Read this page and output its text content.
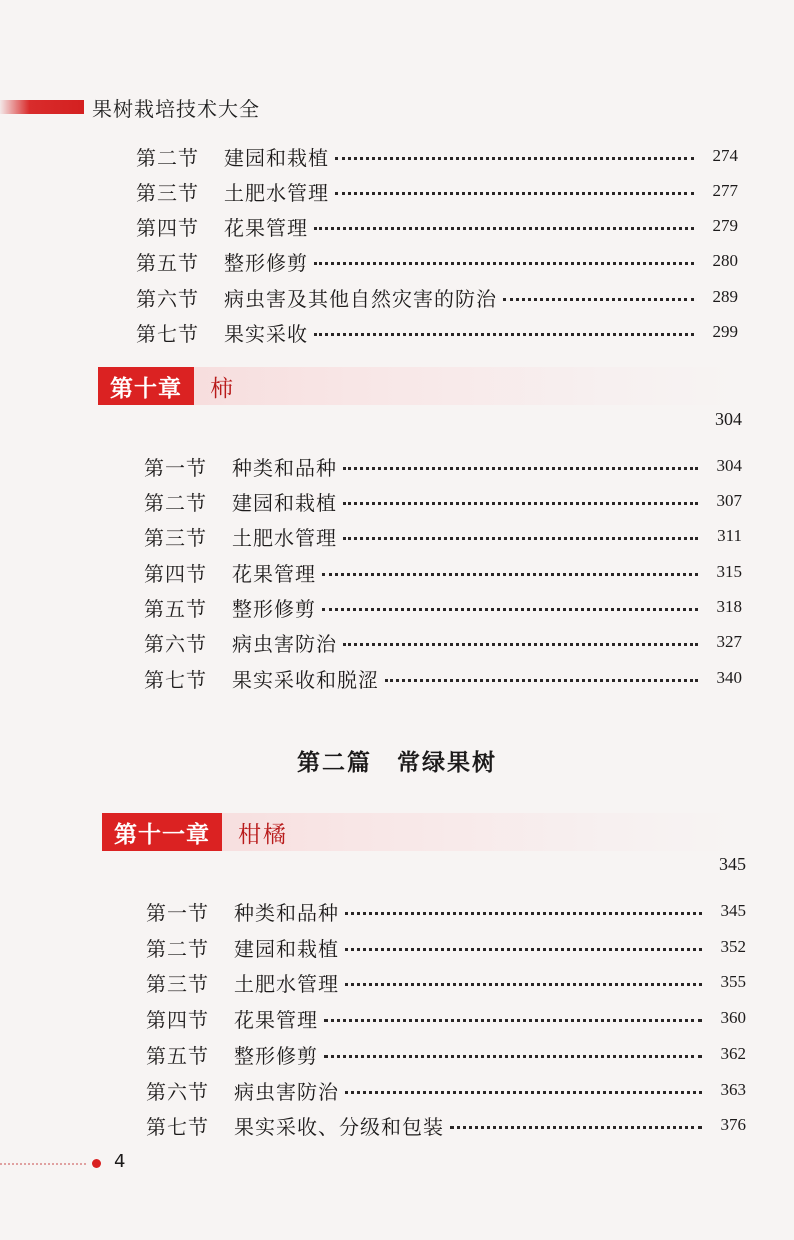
果树栽培技术大全
第二节	建园和栽植	274
第三节	土肥水管理	277
第四节	花果管理	279
第五节	整形修剪	280
第六节	病虫害及其他自然灾害的防治	289
第七节	果实采收	299
第十章	柿
304
第一节	种类和品种	304
第二节	建园和栽植	307
第三节	土肥水管理	311
第四节	花果管理	315
第五节	整形修剪	318
第六节	病虫害防治	327
第七节	果实采收和脱涩	340
第二篇　常绿果树
第十一章	柑橘
345
第一节	种类和品种	345
第二节	建园和栽植	352
第三节	土肥水管理	355
第四节	花果管理	360
第五节	整形修剪	362
第六节	病虫害防治	363
第七节	果实采收、分级和包装	376
4
